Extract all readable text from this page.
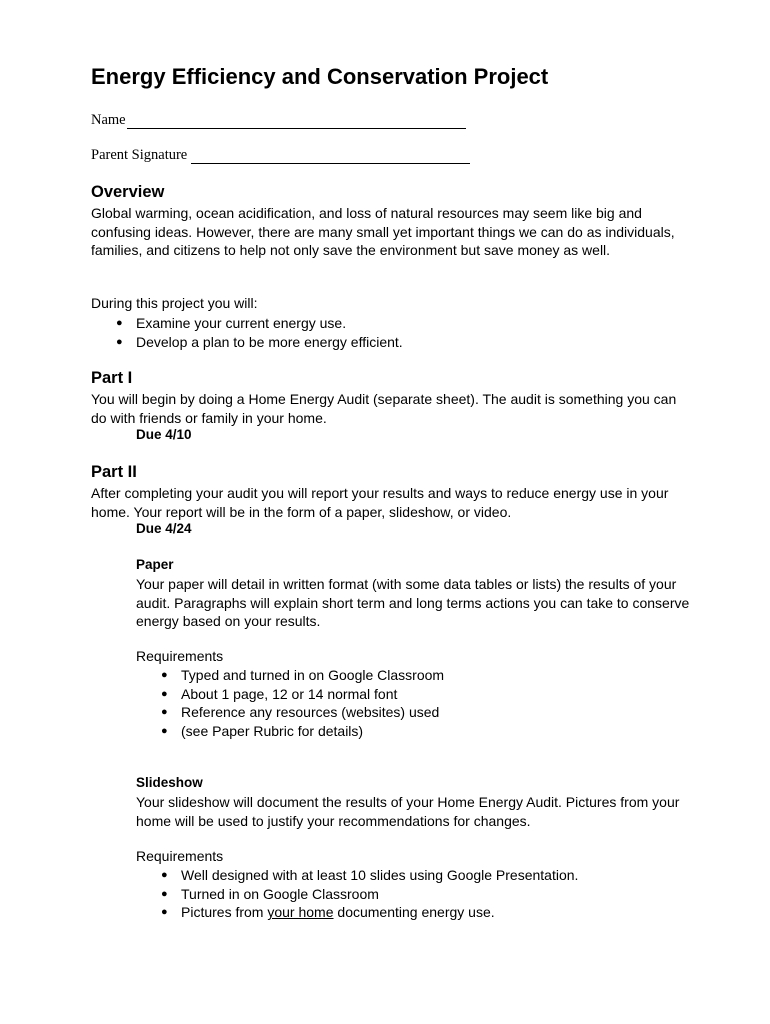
Energy Efficiency and Conservation Project
Name
Parent Signature
Overview

Global warming, ocean acidification, and loss of natural resources may seem like big and confusing ideas. However, there are many small yet important things we can do as individuals, families, and citizens to help not only save the environment but save money as well.

During this project you will:
● Examine your current energy use.
● Develop a plan to be more energy efficient.
Part I

You will begin by doing a Home Energy Audit (separate sheet). The audit is something you can do with friends or family in your home.

Due 4/10
Part II

After completing your audit you will report your results and ways to reduce energy use in your home. Your report will be in the form of a paper, slideshow, or video.

Due 4/24
Paper

Your paper will detail in written format (with some data tables or lists) the results of your audit. Paragraphs will explain short term and long terms actions you can take to conserve energy based on your results.

Requirements
● Typed and turned in on Google Classroom
● About 1 page, 12 or 14 normal font
● Reference any resources (websites) used
● (see Paper Rubric for details)
Slideshow

Your slideshow will document the results of your Home Energy Audit. Pictures from your home will be used to justify your recommendations for changes.

Requirements
● Well designed with at least 10 slides using Google Presentation.
● Turned in on Google Classroom
● Pictures from your home documenting energy use.
